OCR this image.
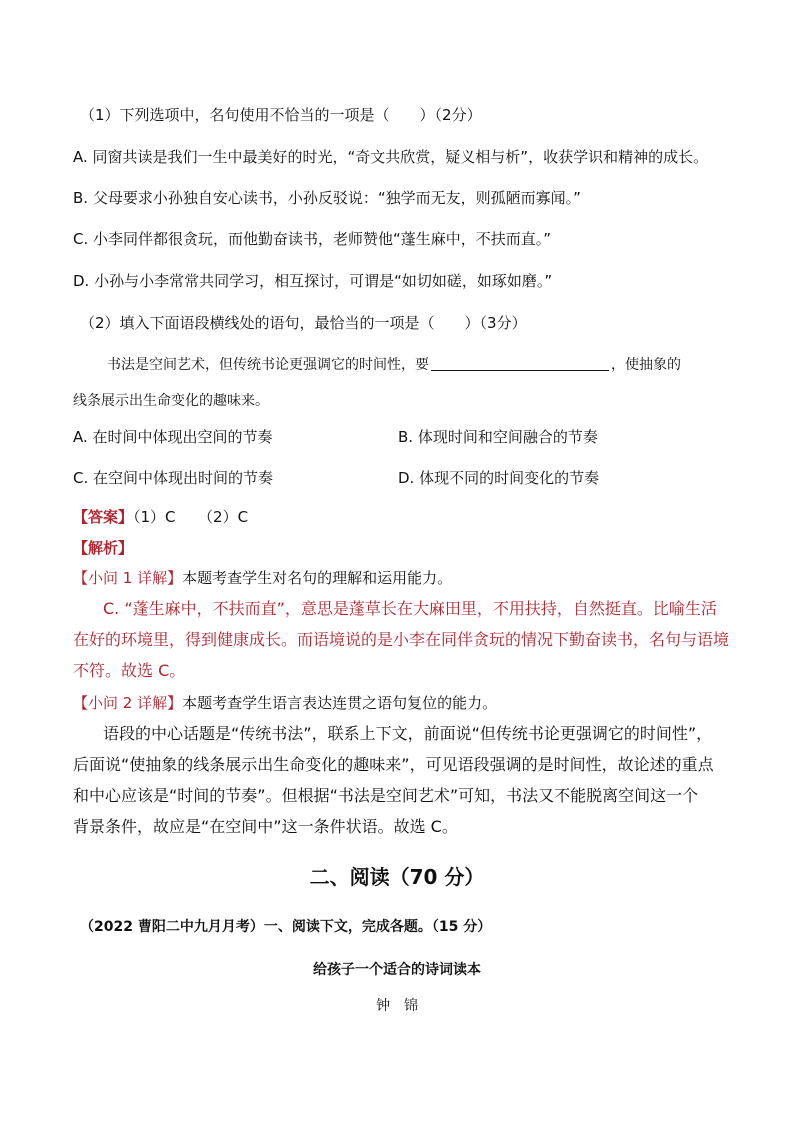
（1）下列选项中，名句使用不恰当的一项是（　　）（2分）
A. 同窗共读是我们一生中最美好的时光，“奇文共欣赏，疑义相与析”，收获学识和精神的成长。
B. 父母要求小孙独自安心读书，小孙反驳说：“独学而无友，则孤陋而寡闻。”
C. 小李同伴都很贪玩，而他勤奋读书，老师赞他“蓬生麻中，不扶而直。”
D. 小孙与小李常常共同学习，相互探讨，可谓是“如切如磋，如琢如磨。”
（2）填入下面语段横线处的语句，最恰当的一项是（　　）（3分）
书法是空间艺术，但传统书论更强调它的时间性，要	，使抽象的
线条展示出生命变化的趣味来。
A. 在时间中体现出空间的节奏	B. 体现时间和空间融合的节奏
C. 在空间中体现出时间的节奏	D. 体现不同的时间变化的节奏
【答案】（1）C　　（2）C
【解析】
【小问 1 详解】本题考查学生对名句的理解和运用能力。
C. “蓬生麻中，不扶而直”，意思是蓬草长在大麻田里，不用扶持，自然挺直。比喻生活
在好的环境里，得到健康成长。而语境说的是小李在同伴贪玩的情况下勤奋读书，名句与语境
不符。故选 C。
【小问 2 详解】本题考查学生语言表达连贯之语句复位的能力。
语段的中心话题是“传统书法”，联系上下文，前面说“但传统书论更强调它的时间性”，
后面说“使抽象的线条展示出生命变化的趣味来”，可见语段强调的是时间性，故论述的重点
和中心应该是“时间的节奏”。但根据“书法是空间艺术”可知，书法又不能脱离空间这一个
背景条件，故应是“在空间中”这一条件状语。故选 C。
二、阅读（70 分）
（2022 曹阳二中九月月考）一、阅读下文，完成各题。（15 分）
给孩子一个适合的诗词读本
钟　锦
